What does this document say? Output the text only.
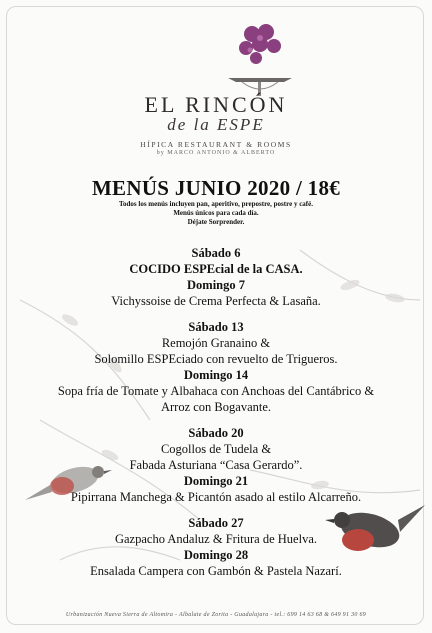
EL RINCÓN
de la ESPE
HÍPICA RESTAURANT & ROOMS
by MARCO ANTONIO & ALBERTO
MENÚS JUNIO 2020 / 18€
Todos los menús incluyen pan, aperitivo, prepostre, postre y café.
Menús únicos para cada día.
Déjate Sorprender.
Sábado 6
COCIDO ESPEcial de la CASA.
Domingo 7
Vichyssoise de Crema Perfecta & Lasaña.
Sábado 13
Remojón Granaino &
Solomillo ESPEciado con revuelto de Trigueros.
Domingo 14
Sopa fría de Tomate y Albahaca con Anchoas del Cantábrico &
Arroz con Bogavante.
Sábado 20
Cogollos de Tudela &
Fabada Asturiana “Casa Gerardo”.
Domingo 21
Pipirrana Manchega & Picantón asado al estilo Alcarreño.
Sábado 27
Gazpacho Andaluz & Fritura de Huelva.
Domingo 28
Ensalada Campera con Gambón & Pastela Nazarí.
Urbanización Nueva Sierra de Altomira - Albalate de Zorita - Guadalajara - tel.: 699 14 63 68 & 649 91 30 69
